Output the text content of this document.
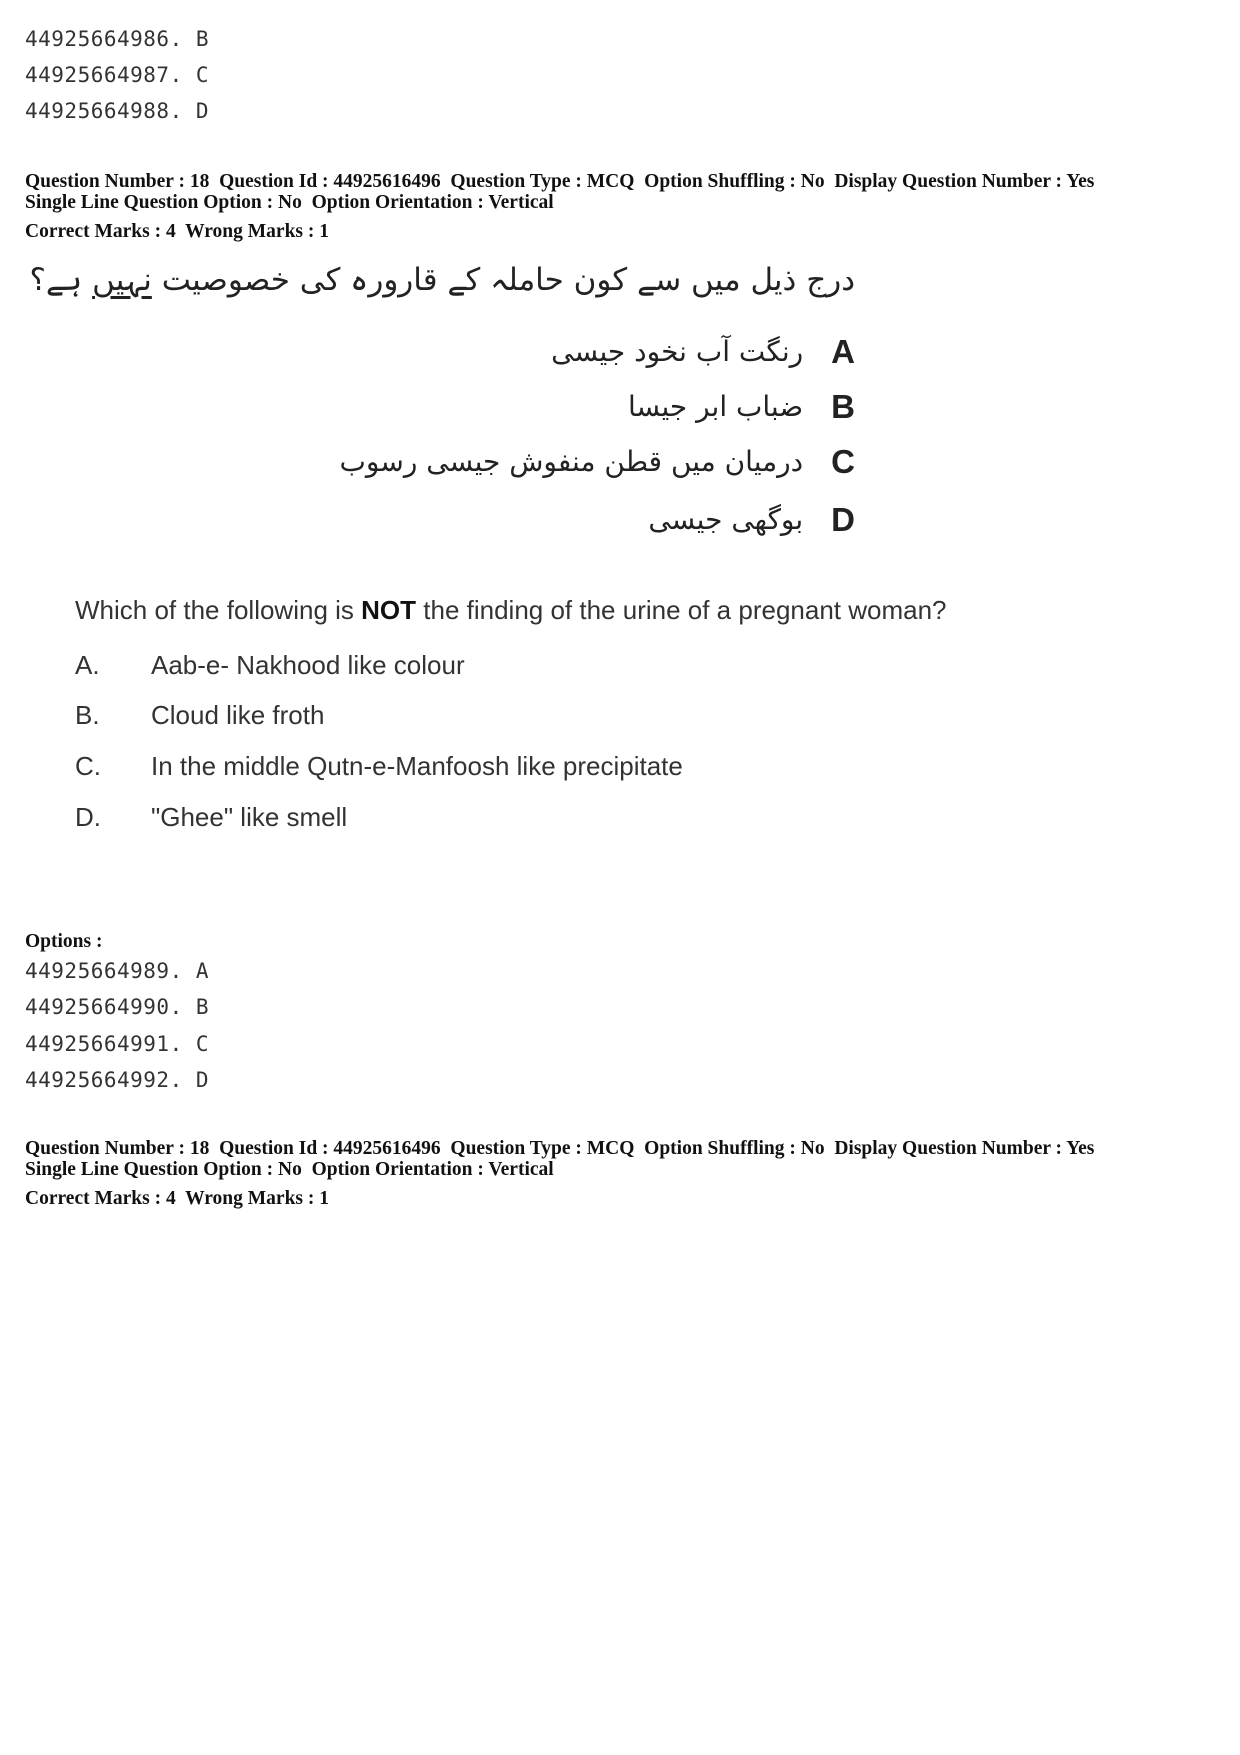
44925664986. B
44925664987. C
44925664988. D
Question Number : 18  Question Id : 44925616496  Question Type : MCQ  Option Shuffling : No  Display Question Number : Yes
Single Line Question Option : No  Option Orientation : Vertical
Correct Marks : 4  Wrong Marks : 1
درج ذیل میں سے کون حاملہ کے قارورہ کی خصوصیت نہیں ہے؟
A
رنگت آب نخود جیسی
B
ضباب ابر جیسا
C
درمیان میں قطن منفوش جیسی رسوب
D
بوگھی جیسی
Which of the following is NOT the finding of the urine of a pregnant woman?
A. Aab-e- Nakhood like colour
B. Cloud like froth
C. In the middle Qutn-e-Manfoosh like precipitate
D. "Ghee" like smell
Options :
44925664989. A
44925664990. B
44925664991. C
44925664992. D
Question Number : 18  Question Id : 44925616496  Question Type : MCQ  Option Shuffling : No  Display Question Number : Yes
Single Line Question Option : No  Option Orientation : Vertical
Correct Marks : 4  Wrong Marks : 1
